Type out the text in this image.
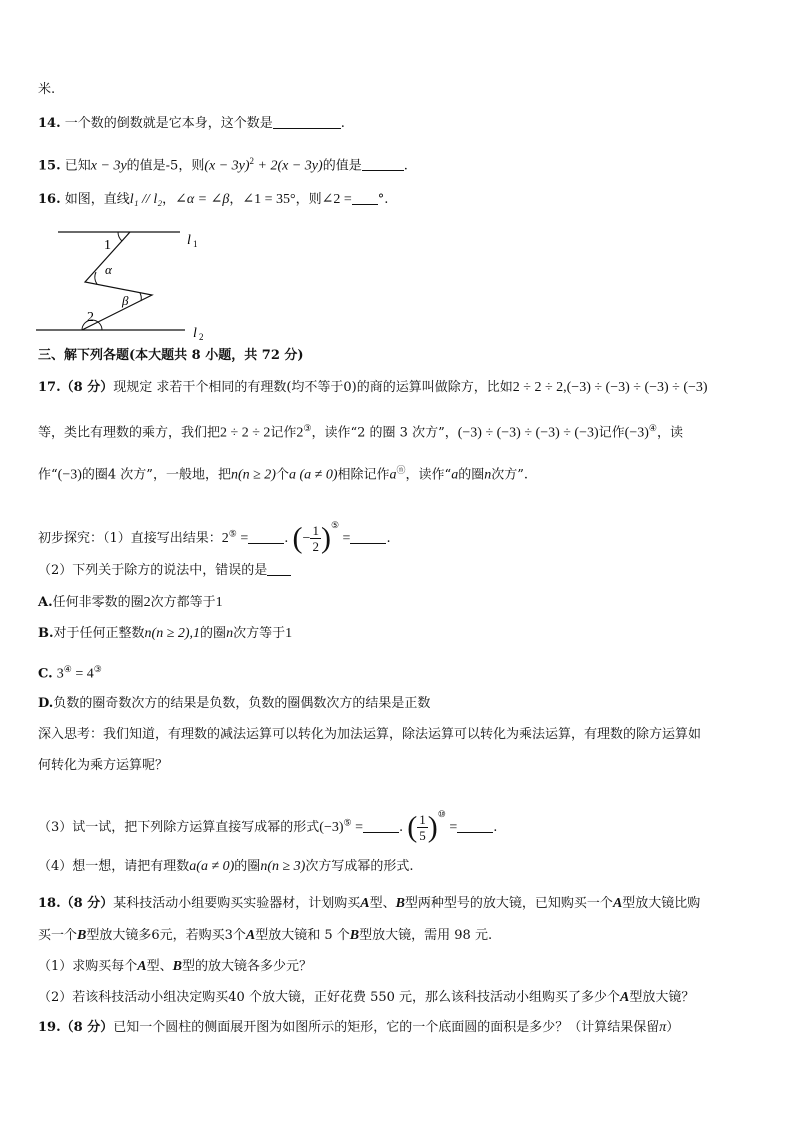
米.
14. 一个数的倒数就是它本身，这个数是	.
15. 已知x − 3y的值是-5，则$(x - 3y)^2 + 2(x - 3y)$的值是	.
16. 如图，直线l₁ // l₂，∠α = ∠β，∠1 = 35°，则∠2 = °.
1
α
β
2
l 1
l 2
三、解下列各题(本大题共 8 小题，共 72 分)
17.（8 分）现规定 求若干个相同的有理数(均不等于0)的商的运算叫做除方，比如2 ÷ 2 ÷ 2,(−3) ÷ (−3) ÷ (−3) ÷ (−3)
等，类比有理数的乘方，我们把2 ÷ 2 ÷ 2记作2③，读作“2 的圈 3 次方”，(−3) ÷ (−3) ÷ (−3) ÷ (−3)记作(−3)④，读
作“(−3)的圈4 次方”，一般地，把n(n ≥ 2)个a (a ≠ 0)相除记作aⓝ，读作“a的圈n次方”.
初步探究：（1）直接写出结果：2⑤ =	. (− $\frac{1}{2} )^⑤$ =	.
（2）下列关于除方的说法中，错误的是
A.任何非零数的圈2次方都等于1
B.对于任何正整数n(n ≥ 2),1的圈n次方等于1
C. 3④ = 4③
D.负数的圈奇数次方的结果是负数，负数的圈偶数次方的结果是正数
深入思考：我们知道，有理数的减法运算可以转化为加法运算，除法运算可以转化为乘法运算，有理数的除方运算如
何转化为乘方运算呢？
（3）试一试，把下列除方运算直接写成幂的形式(−3)⑤ =	. ( $\frac{1}{5} )^⑩$ =	.
（4）想一想，请把有理数a(a ≠ 0)的圈n(n ≥ 3)次方写成幂的形式.
18.（8 分）某科技活动小组要购买实验器材，计划购买A型、B型两种型号的放大镜，已知购买一个A型放大镜比购
买一个B型放大镜多6元，若购买3个A型放大镜和 5 个B型放大镜，需用 98 元.
（1）求购买每个A型、B型的放大镜各多少元？
（2）若该科技活动小组决定购买40 个放大镜，正好花费 550 元，那么该科技活动小组购买了多少个A型放大镜？
19.（8 分）已知一个圆柱的侧面展开图为如图所示的矩形，它的一个底面圆的面积是多少？（计算结果保留π）
